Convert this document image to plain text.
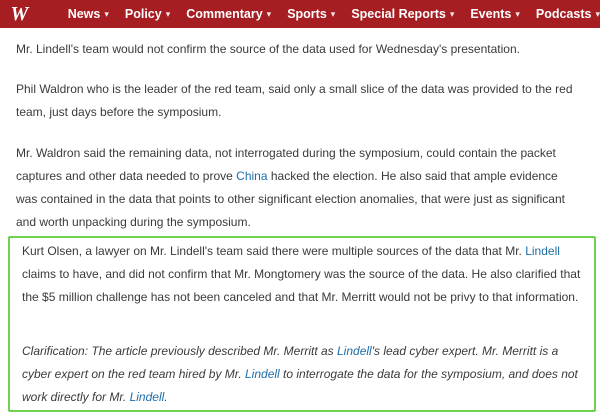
W	News ▾ Policy ▾ Commentary ▾ Sports ▾ Special Reports ▾ Events ▾ Podcasts ▾

Mr. Lindell's team would not confirm the source of the data used for Wednesday's presentation.

Phil Waldron who is the leader of the red team, said only a small slice of the data was provided to the red team, just days before the symposium.

Mr. Waldron said the remaining data, not interrogated during the symposium, could contain the packet captures and other data needed to prove China hacked the election. He also said that ample evidence was contained in the data that points to other significant election anomalies, that were just as significant and worth unpacking during the symposium.

Kurt Olsen, a lawyer on Mr. Lindell's team said there were multiple sources of the data that Mr. Lindell claims to have, and did not confirm that Mr. Mongtomery was the source of the data. He also clarified that the $5 million challenge has not been canceled and that Mr. Merritt would not be privy to that information.

Clarification: The article previously described Mr. Merritt as Lindell's lead cyber expert. Mr. Merritt is a cyber expert on the red team hired by Mr. Lindell to interrogate the data for the symposium, and does not work directly for Mr. Lindell.
